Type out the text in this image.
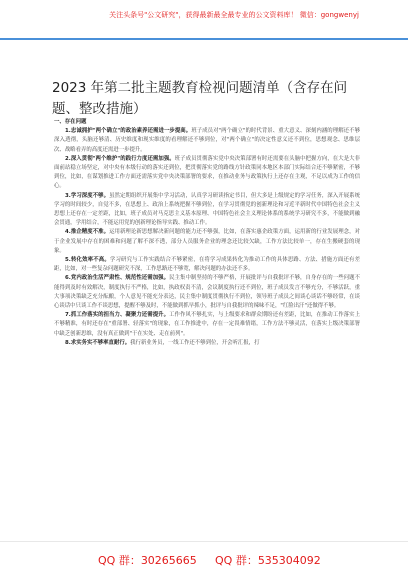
关注头条号"公文研究"，获得最新最全最专业的公文资料库！ 微信：gongwenyj
2023 年第二批主题教育检视问题清单（含存在问题、整改措施）

一、存在问题

1.忠诚拥护"两个确立"的政治素养还需进一步提高。班子成员对"两个确立"的时代背景、重大意义、深刻内涵的理解还不够深入透彻，头脑还够清、历史维度和现实维度的看理解还不够到位，对"两个确立"的决定性意义还不到位，思想观念、思维层次、战略看弄的高度还需进一步提升。

2.深入贯彻"两个维护"的践行力度还需加强。班子成员贯彻落实党中央决策部署有时还需要在头脑中把握方向，在大是大非面前站稳立场坚定，对中央有本级行动的落实还到位，把贯彻落实党的路线方针政策同本地区本部门实际结合还不够紧密，不够到位，比如，在谋划推进工作方面还需落实党中央决策部署的要求，在推动业务与政策执行上还存在主观，不足以成为工作的信心。

3.学习深度不够。虽然定期组织开展集中学习活动，认真学习研读指定书目，但大多是上级规定的学习任务，深入开展系统学习的时间较少，自觉不多，在思想上、政治上系统把握不够到位，在学习贯彻党的创新理论和习近平新时代中国特色社会主义思想上还存在一定差距，比如，班子成员对马克思主义基本原理、中国特色社会主义理论体系的系统学习研究不多，不能做到融会贯通，学用结合，不能运用党的创新理论指导实践、推动工作。

4.推企精度不准。运用新理论新思想解决新问题的能力还不够强，比如，在落实惠企政策方面，运用新的行业发展理念，对于企业发展中存在的困难和问题了解不深不透，部分人员服务企业的理念还比较欠缺，工作方法比较单一，存在生搬硬套的现象。

5.转化效率不高。学习研究与工作实践结合不够紧密，在将学习成果转化为推动工作的具体思路、方法、措施方面还有差距，比如，对一些复杂问题研究不深，工作思路还不够宽，解决问题的办法还不多。

6.党内政治生活严肃性、规范性还需加强。民主集中制坚持的不够严格，开展批评与自我批评不够，自身存在的一些问题不能得到及时有效解决，制度执行不严格，比如，执政权责不清，会议制度执行还不到位，班子成员发言不够充分，不够活跃，重大事项决策缺乏充分酝酿，个人意见不能充分表达，民主集中制度贯彻执行不到位，领导班子成员之间谈心谈话不够经常，在谈心谈话中只谈工作不谈思想，提醒不够及时，不能做到抓早抓小，批评与自我批评的辣味不足，"红脸出汗"还做得不够。

7.抓工作落实的担当力、凝聚力还需提升。工作作风不够扎实，与上级要求和群众期盼还有差距，比如，在推动工作落实上不够精准，有时还存在"重部署、轻落实"的现象，在工作推进中，存在一定畏难情绪，工作方法不够灵活，在落实上级决策部署中缺乏创新思维，没有真正做到"干在实处、走在前列"。

8.求实务实不够率直耐行。我行新业务员，一线工作还不够到位，开会听汇报，打

QQ 群：30265665 QQ 群：535304092
